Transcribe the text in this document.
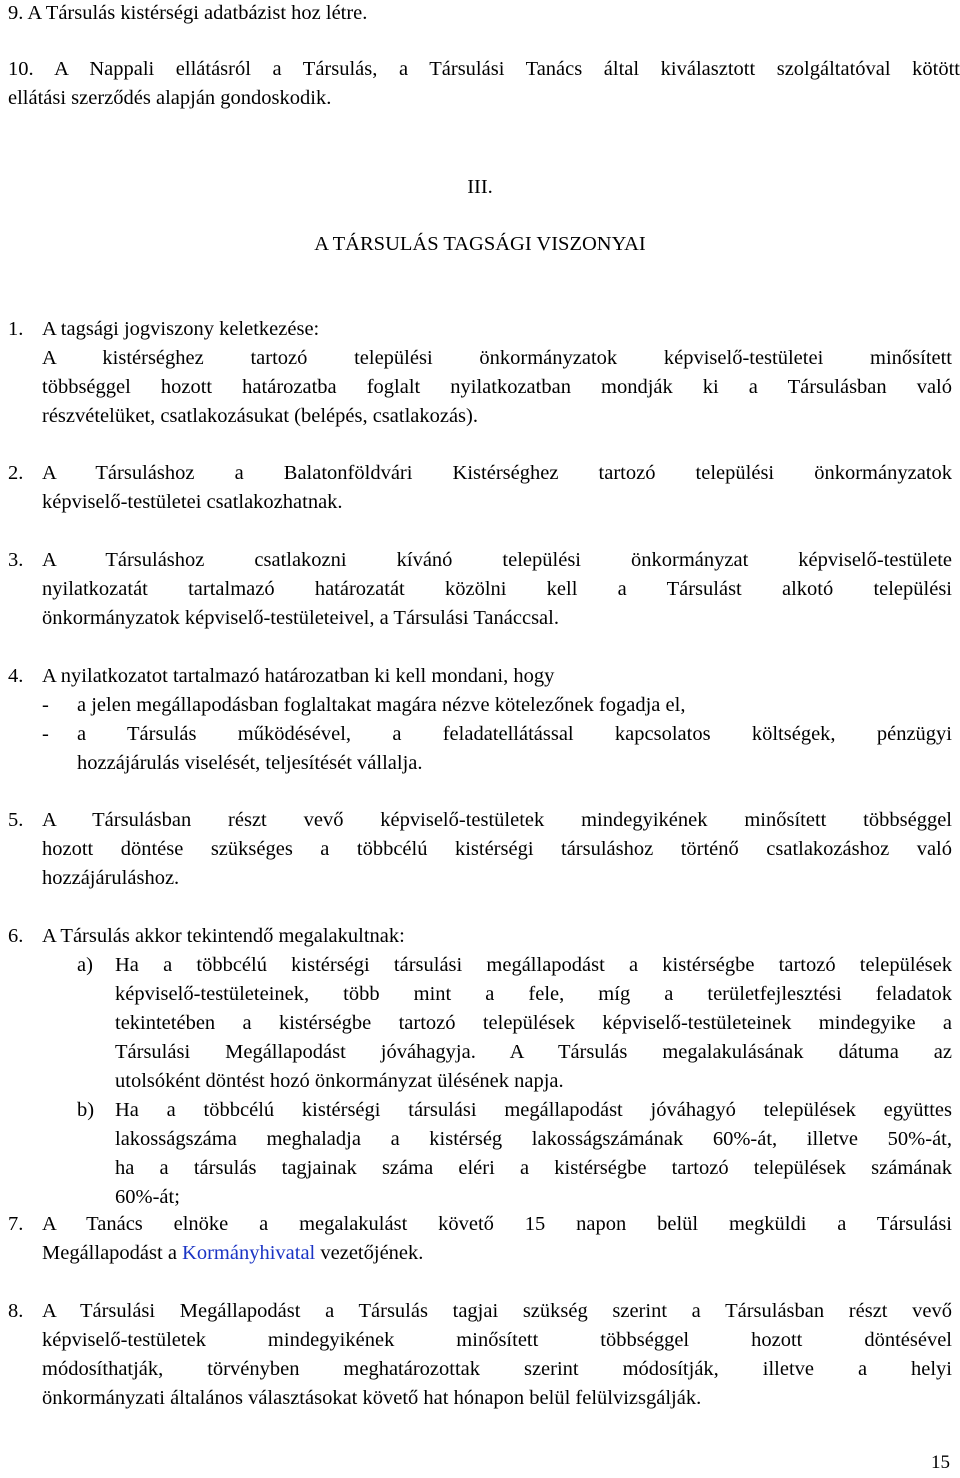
9. A Társulás kistérségi adatbázist hoz létre.
10. A Nappali ellátásról a Társulás, a Társulási Tanács által kiválasztott szolgáltatóval kötött
ellátási szerződés alapján gondoskodik.
III.
A TÁRSULÁS TAGSÁGI VISZONYAI
1. A tagsági jogviszony keletkezése:
A kistérséghez tartozó települési önkormányzatok képviselő-testületei minősített
többséggel hozott határozatba foglalt nyilatkozatban mondják ki a Társulásban való
részvételüket, csatlakozásukat (belépés, csatlakozás).
2. A Társuláshoz a Balatonföldvári Kistérséghez tartozó települési önkormányzatok
képviselő-testületei csatlakozhatnak.
3. A Társuláshoz csatlakozni kívánó települési önkormányzat képviselő-testülete
nyilatkozatát tartalmazó határozatát közölni kell a Társulást alkotó települési
önkormányzatok képviselő-testületeivel, a Társulási Tanáccsal.
4. A nyilatkozatot tartalmazó határozatban ki kell mondani, hogy
- a jelen megállapodásban foglaltakat magára nézve kötelezőnek fogadja el,
- a Társulás működésével, a feladatellátással kapcsolatos költségek, pénzügyi
hozzájárulás viselését, teljesítését vállalja.
5. A Társulásban részt vevő képviselő-testületek mindegyikének minősített többséggel
hozott döntése szükséges a többcélú kistérségi társuláshoz történő csatlakozáshoz való
hozzájáruláshoz.
6. A Társulás akkor tekintendő megalakultnak:
a) Ha a többcélú kistérségi társulási megállapodást a kistérségbe tartozó települések
képviselő-testületeinek, több mint a fele, míg a területfejlesztési feladatok
tekintetében a kistérségbe tartozó települések képviselő-testületeinek mindegyike a
Társulási Megállapodást jóváhagyja. A Társulás megalakulásának dátuma az
utolsóként döntést hozó önkormányzat ülésének napja.
b) Ha a többcélú kistérségi társulási megállapodást jóváhagyó települések együttes
lakosságszáma meghaladja a kistérség lakosságszámának 60%-át, illetve 50%-át,
ha a társulás tagjainak száma eléri a kistérségbe tartozó települések számának
60%-át;
7. A Tanács elnöke a megalakulást követő 15 napon belül megküldi a Társulási
Megállapodást a Kormányhivatal vezetőjének.
8. A Társulási Megállapodást a Társulás tagjai szükség szerint a Társulásban részt vevő
képviselő-testületek mindegyikének minősített többséggel hozott döntésével
módosíthatják, törvényben meghatározottak szerint módosítják, illetve a helyi
önkormányzati általános választásokat követő hat hónapon belül felülvizsgálják.
15
